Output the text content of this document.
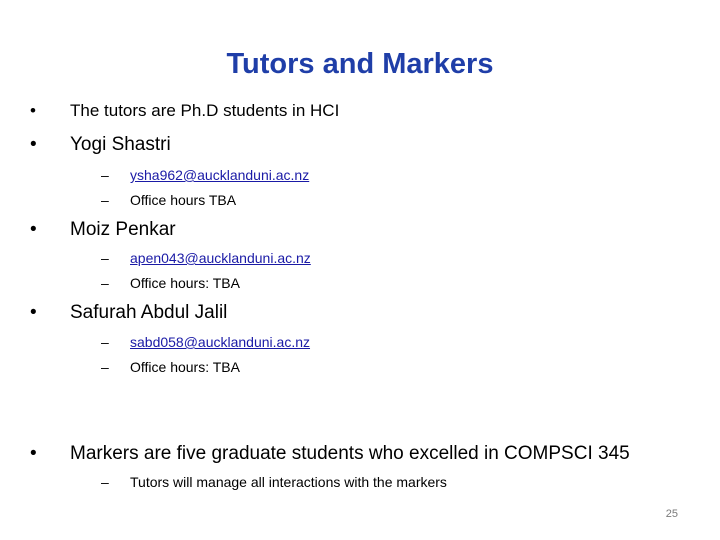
Tutors and Markers
• The tutors are Ph.D students in HCI
• Yogi Shastri
– ysha962@aucklanduni.ac.nz
– Office hours TBA
• Moiz Penkar
– apen043@aucklanduni.ac.nz
– Office hours: TBA
• Safurah Abdul Jalil
– sabd058@aucklanduni.ac.nz
– Office hours: TBA
• Markers are five graduate students who excelled in COMPSCI 345
– Tutors will manage all interactions with the markers
25
